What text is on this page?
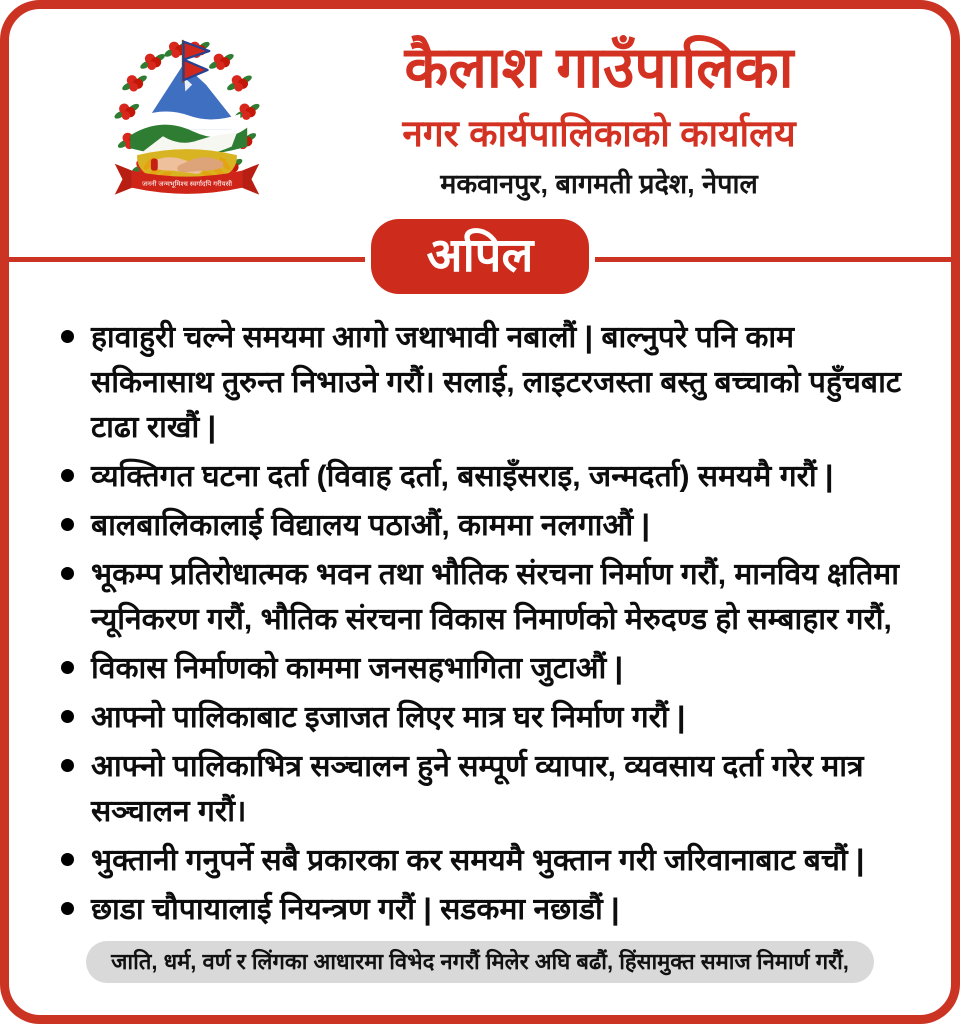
जननी जन्मभूमिश्च स्वर्गादपि गरीयसी
कैलाश गाउँपालिका
नगर कार्यपालिकाको कार्यालय
मकवानपुर, बागमती प्रदेश, नेपाल
अपिल
हावाहुरी चल्ने समयमा आगो जथाभावी नबालौं | बाल्नुपरे पनि काम सकिनासाथ तुरुन्त निभाउने गरौं। सलाई, लाइटरजस्ता बस्तु बच्चाको पहुँचबाट टाढा राखौं |
व्यक्तिगत घटना दर्ता (विवाह दर्ता, बसाइँसराइ, जन्मदर्ता) समयमै गरौं |
बालबालिकालाई विद्यालय पठाऔं, काममा नलगाऔं |
भूकम्प प्रतिरोधात्मक भवन तथा भौतिक संरचना निर्माण गरौं, मानविय क्षतिमा न्यूनिकरण गरौं, भौतिक संरचना विकास निमार्णको मेरुदण्ड हो सम्बाहार गरौं,
विकास निर्माणको काममा जनसहभागिता जुटाऔं |
आफ्नो पालिकाबाट इजाजत लिएर मात्र घर निर्माण गरौं |
आफ्नो पालिकाभित्र सञ्चालन हुने सम्पूर्ण व्यापार, व्यवसाय दर्ता गरेर मात्र सञ्चालन गरौं।
भुक्तानी गनुपर्ने सबै प्रकारका कर समयमै भुक्तान गरी जरिवानाबाट बचौं |
छाडा चौपायालाई नियन्त्रण गरौं | सडकमा नछाडौं |
जाति, धर्म, वर्ण र लिंगका आधारमा विभेद नगरौं मिलेर अघि बढौं, हिंसामुक्त समाज निमार्ण गरौं,
